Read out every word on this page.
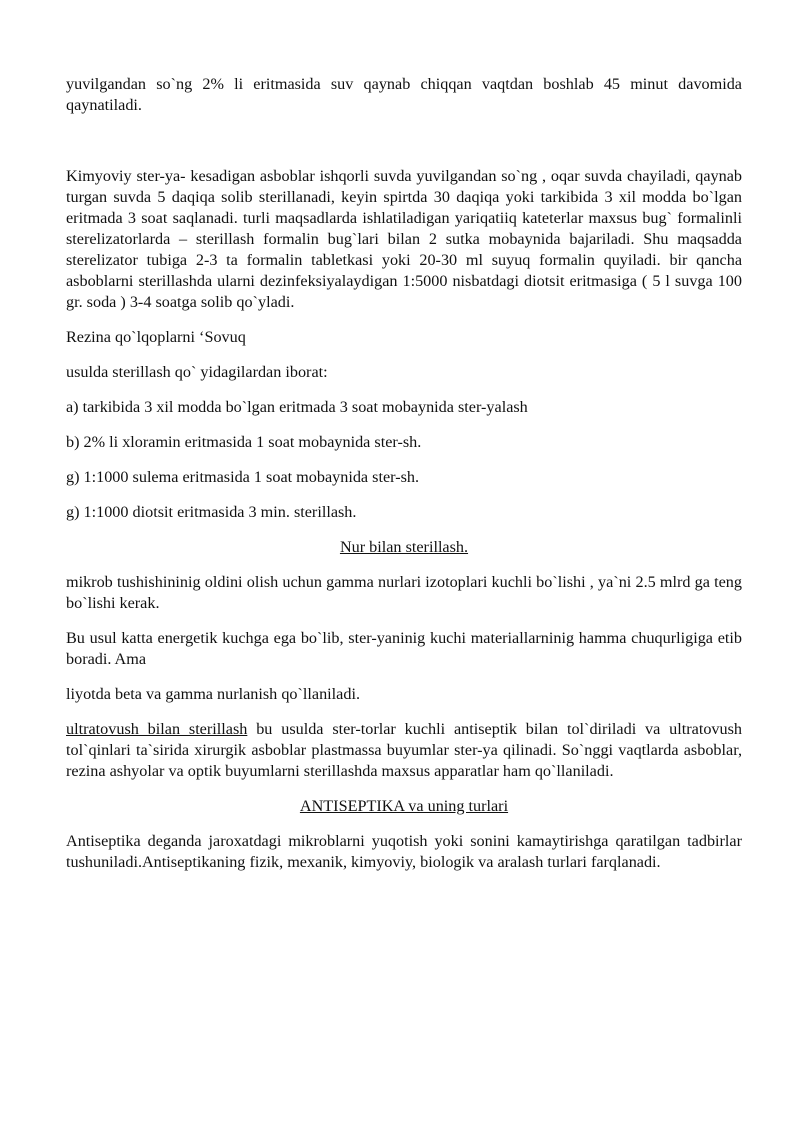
yuvilgandan so`ng 2% li eritmasida suv qaynab chiqqan vaqtdan boshlab 45 minut davomida qaynatiladi.

Kimyoviy ster-ya- kesadigan asboblar ishqorli suvda yuvilgandan so`ng , oqar suvda chayiladi, qaynab turgan suvda 5 daqiqa solib sterillanadi, keyin spirtda 30 daqiqa yoki tarkibida 3 xil modda bo`lgan eritmada 3 soat saqlanadi. turli maqsadlarda ishlatiladigan yariqatiiq kateterlar maxsus bug` formalinli sterelizatorlarda – sterillash formalin bug`lari bilan 2 sutka mobaynida bajariladi. Shu maqsadda sterelizator tubiga 2-3 ta formalin tabletkasi yoki 20-30 ml suyuq formalin quyiladi. bir qancha asboblarni sterillashda ularni dezinfeksiyalaydigan 1:5000 nisbatdagi diotsit eritmasiga ( 5 l suvga 100 gr. soda ) 3-4 soatga solib qo`yladi.

Rezina qo`lqoplarni ‘Sovuq

usulda sterillash qo` yidagilardan iborat:

a) tarkibida 3 xil modda bo`lgan eritmada 3 soat mobaynida ster-yalash

b) 2% li xloramin eritmasida 1 soat mobaynida ster-sh.

g) 1:1000 sulema eritmasida 1 soat mobaynida ster-sh.

g) 1:1000 diotsit eritmasida 3 min. sterillash.

Nur bilan sterillash.

mikrob tushishininig oldini olish uchun gamma nurlari izotoplari kuchli bo`lishi , ya`ni 2.5 mlrd ga teng bo`lishi kerak.

Bu usul katta energetik kuchga ega bo`lib, ster-yaninig kuchi materiallarninig hamma chuqurligiga etib boradi. Ama

liyotda beta va gamma nurlanish qo`llaniladi.

ultratovush bilan sterillash bu usulda ster-torlar kuchli antiseptik bilan tol`diriladi va ultratovush tol`qinlari ta`sirida xirurgik asboblar plastmassa buyumlar ster-ya qilinadi. So`nggi vaqtlarda asboblar, rezina ashyolar va optik buyumlarni sterillashda maxsus apparatlar ham qo`llaniladi.

ANTISEPTIKA va uning turlari

Antiseptika deganda jaroxatdagi mikroblarni yuqotish yoki sonini kamaytirishga qaratilgan tadbirlar tushuniladi.Antiseptikaning fizik, mexanik, kimyoviy, biologik va aralash turlari farqlanadi.
